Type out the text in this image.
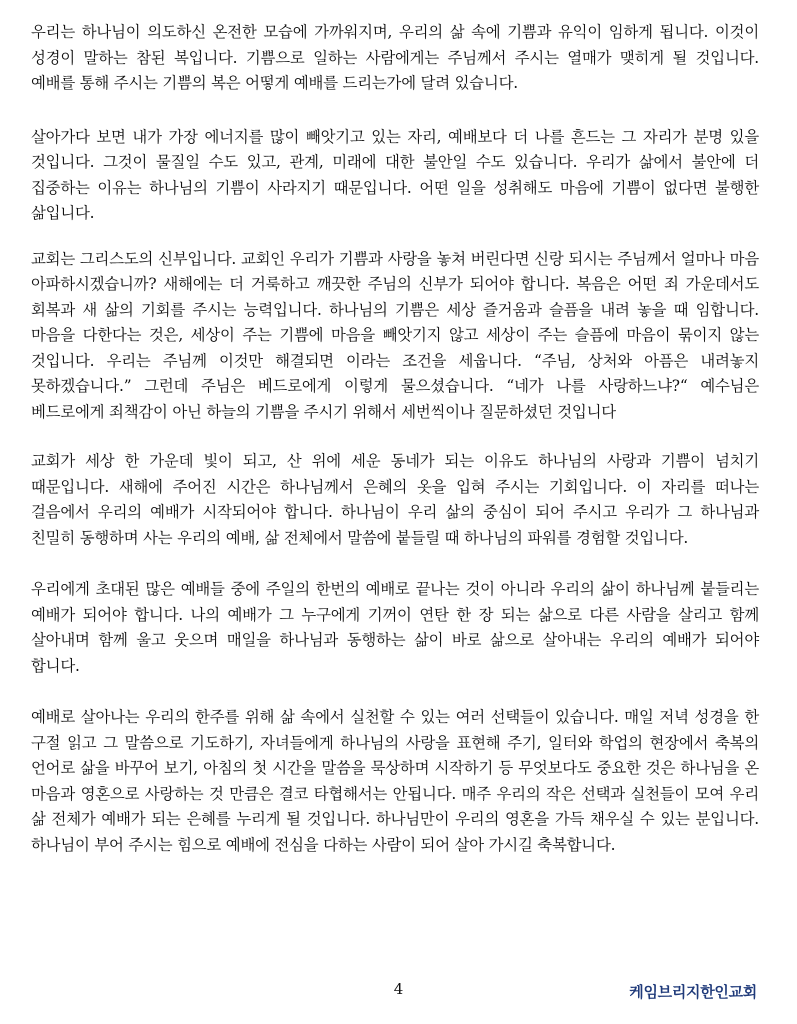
우리는 하나님이 의도하신 온전한 모습에 가까워지며, 우리의 삶 속에 기쁨과 유익이 임하게 됩니다. 이것이 성경이 말하는 참된 복입니다. 기쁨으로 일하는 사람에게는 주님께서 주시는 열매가 맺히게 될 것입니다. 예배를 통해 주시는 기쁨의 복은 어떻게 예배를 드리는가에 달려 있습니다.

살아가다 보면 내가 가장 에너지를 많이 빼앗기고 있는 자리, 예배보다 더 나를 흔드는 그 자리가 분명 있을 것입니다. 그것이 물질일 수도 있고, 관계, 미래에 대한 불안일 수도 있습니다. 우리가 삶에서 불안에 더 집중하는 이유는 하나님의 기쁨이 사라지기 때문입니다. 어떤 일을 성취해도 마음에 기쁨이 없다면 불행한 삶입니다.

교회는 그리스도의 신부입니다. 교회인 우리가 기쁨과 사랑을 놓쳐 버린다면 신랑 되시는 주님께서 얼마나 마음 아파하시겠습니까? 새해에는 더 거룩하고 깨끗한 주님의 신부가 되어야 합니다. 복음은 어떤 죄 가운데서도 회복과 새 삶의 기회를 주시는 능력입니다. 하나님의 기쁨은 세상 즐거움과 슬픔을 내려 놓을 때 임합니다. 마음을 다한다는 것은, 세상이 주는 기쁨에 마음을 빼앗기지 않고 세상이 주는 슬픔에 마음이 묶이지 않는 것입니다. 우리는 주님께 이것만 해결되면 이라는 조건을 세웁니다. “주님, 상처와 아픔은 내려놓지 못하겠습니다.” 그런데 주님은 베드로에게 이렇게 물으셨습니다. “네가 나를 사랑하느냐?“ 예수님은 베드로에게 죄책감이 아닌 하늘의 기쁨을 주시기 위해서 세번씩이나 질문하셨던 것입니다

교회가 세상 한 가운데 빛이 되고, 산 위에 세운 동네가 되는 이유도 하나님의 사랑과 기쁨이 넘치기 때문입니다. 새해에 주어진 시간은 하나님께서 은혜의 옷을 입혀 주시는 기회입니다. 이 자리를 떠나는 걸음에서 우리의 예배가 시작되어야 합니다. 하나님이 우리 삶의 중심이 되어 주시고 우리가 그 하나님과 친밀히 동행하며 사는 우리의 예배, 삶 전체에서 말씀에 붙들릴 때 하나님의 파워를 경험할 것입니다.

우리에게 초대된 많은 예배들 중에 주일의 한번의 예배로 끝나는 것이 아니라 우리의 삶이 하나님께 붙들리는 예배가 되어야 합니다. 나의 예배가 그 누구에게 기꺼이 연탄 한 장 되는 삶으로 다른 사람을 살리고 함께 살아내며 함께 울고 웃으며 매일을 하나님과 동행하는 삶이 바로 삶으로 살아내는 우리의 예배가 되어야 합니다.

예배로 살아나는 우리의 한주를 위해 삶 속에서 실천할 수 있는 여러 선택들이 있습니다. 매일 저녁 성경을 한 구절 읽고 그 말씀으로 기도하기, 자녀들에게 하나님의 사랑을 표현해 주기, 일터와 학업의 현장에서 축복의 언어로 삶을 바꾸어 보기, 아침의 첫 시간을 말씀을 묵상하며 시작하기 등 무엇보다도 중요한 것은 하나님을 온 마음과 영혼으로 사랑하는 것 만큼은 결코 타협해서는 안됩니다. 매주 우리의 작은 선택과 실천들이 모여 우리 삶 전체가 예배가 되는 은혜를 누리게 될 것입니다. 하나님만이 우리의 영혼을 가득 채우실 수 있는 분입니다. 하나님이 부어 주시는 힘으로 예배에 전심을 다하는 사람이 되어 살아 가시길 축복합니다.

4	케임브리지한인교회
